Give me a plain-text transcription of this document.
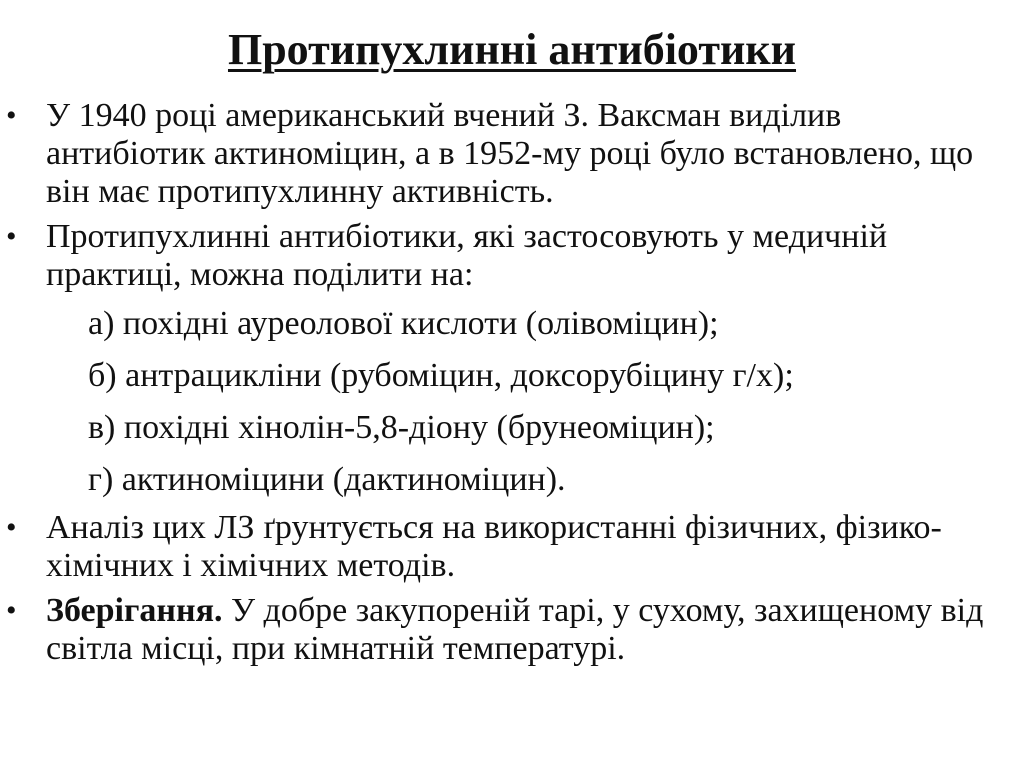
Протипухлинні антибіотики
• У 1940 році американський вчений З. Ваксман виділив антибіотик актиноміцин, а в 1952-му році було встановлено, що він має протипухлинну активність.
• Протипухлинні антибіотики, які застосовують у медичній практиці, можна поділити на:
а) похідні ауреолової кислоти (олівоміцин);
б) антрацикліни (рубоміцин, доксорубіцину г/х);
в) похідні хінолін-5,8-діону (брунеоміцин);
г) актиноміцини (дактиноміцин).
• Аналіз цих ЛЗ ґрунтується на використанні фізичних, фізико-хімічних і хімічних методів.
• Зберігання. У добре закупореній тарі, у сухому, захищеному від світла місці, при кімнатній температурі.
